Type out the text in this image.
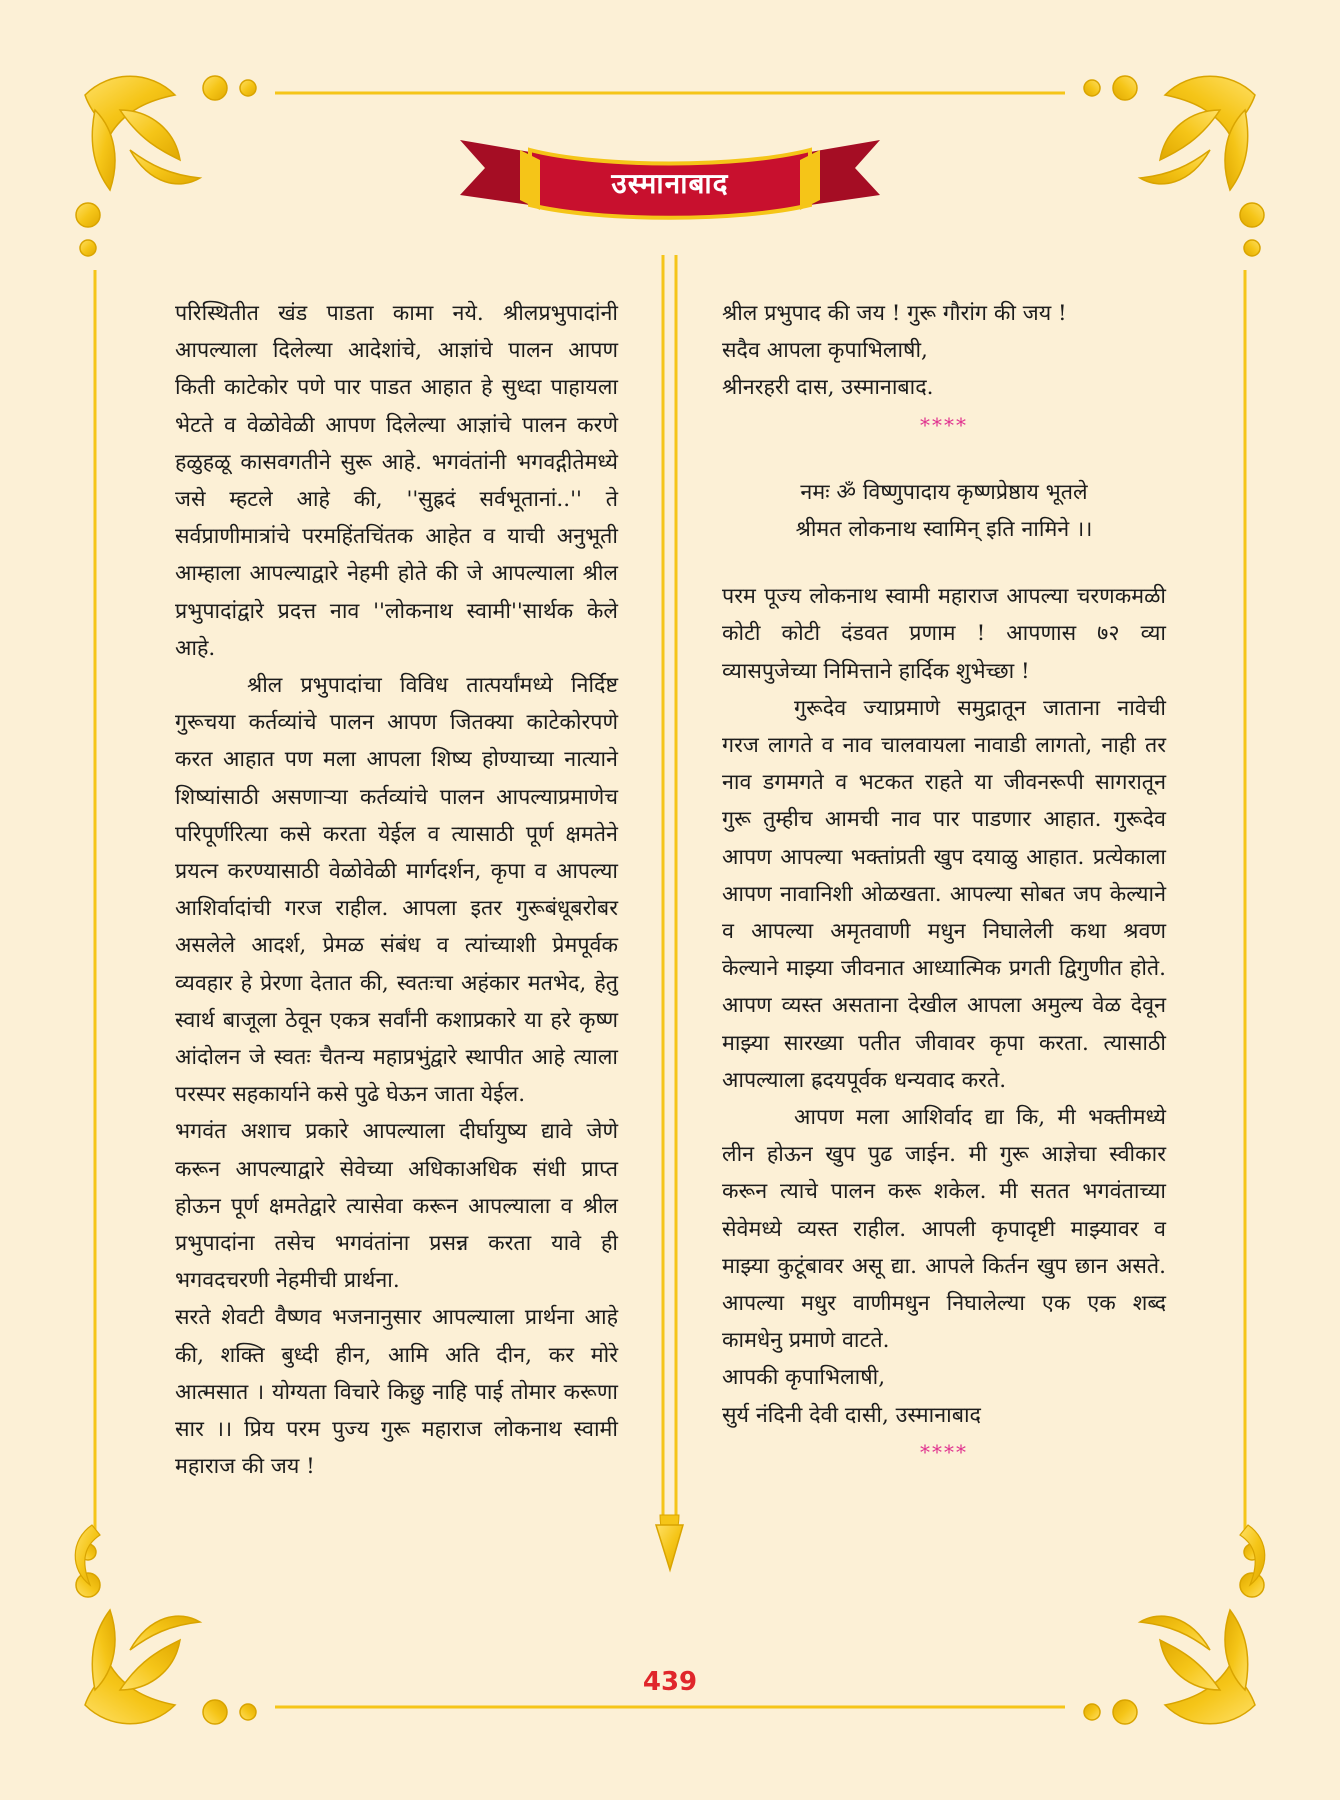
उस्मानाबाद

परिस्थितीत खंड पाडता कामा नये. श्रीलप्रभुपादांनी आपल्याला दिलेल्या आदेशांचे, आज्ञांचे पालन आपण किती काटेकोर पणे पार पाडत आहात हे सुध्दा पाहायला भेटते व वेळोवेळी आपण दिलेल्या आज्ञांचे पालन करणे हळुहळू कासवगतीने सुरू आहे. भगवंतांनी भगवद्गीतेमध्ये जसे म्हटले आहे की, ''सुह्रदं सर्वभूतानां..'' ते सर्वप्राणीमात्रांचे परमहिंतचिंतक आहेत व याची अनुभूती आम्हाला आपल्याद्वारे नेहमी होते की जे आपल्याला श्रील प्रभुपादांद्वारे प्रदत्त नाव ''लोकनाथ स्वामी''सार्थक केले आहे.

श्रील प्रभुपादांचा विविध तात्पर्यांमध्ये निर्दिष्ट गुरूचया कर्तव्यांचे पालन आपण जितक्या काटेकोरपणे करत आहात पण मला आपला शिष्य होण्याच्या नात्याने शिष्यांसाठी असणाऱ्या कर्तव्यांचे पालन आपल्याप्रमाणेच परिपूर्णरित्या कसे करता येईल व त्यासाठी पूर्ण क्षमतेने प्रयत्न करण्यासाठी वेळोवेळी मार्गदर्शन, कृपा व आपल्या आशिर्वादांची गरज राहील. आपला इतर गुरूबंधूबरोबर असलेले आदर्श, प्रेमळ संबंध व त्यांच्याशी प्रेमपूर्वक व्यवहार हे प्रेरणा देतात की, स्वतःचा अहंकार मतभेद, हेतु स्वार्थ बाजूला ठेवून एकत्र सर्वांनी कशाप्रकारे या हरे कृष्ण आंदोलन जे स्वतः चैतन्य महाप्रभुंद्वारे स्थापीत आहे त्याला परस्पर सहकार्याने कसे पुढे घेऊन जाता येईल.

भगवंत अशाच प्रकारे आपल्याला दीर्घायुष्य द्यावे जेणे करून आपल्याद्वारे सेवेच्या अधिकाअधिक संधी प्राप्त होऊन पूर्ण क्षमतेद्वारे त्यासेवा करून आपल्याला व श्रील प्रभुपादांना तसेच भगवंतांना प्रसन्न करता यावे ही भगवदचरणी नेहमीची प्रार्थना.

सरते शेवटी वैष्णव भजनानुसार आपल्याला प्रार्थना आहे की, शक्ति बुध्दी हीन, आमि अति दीन, कर मोरे आत्मसात । योग्यता विचारे किछु नाहि पाई तोमार करूणा सार ।। प्रिय परम पुज्य गुरू महाराज लोकनाथ स्वामी महाराज की जय !

श्रील प्रभुपाद की जय ! गुरू गौरांग की जय !

सदैव आपला कृपाभिलाषी,

श्रीनरहरी दास, उस्मानाबाद.

****

नमः ॐ विष्णुपादाय कृष्णप्रेष्ठाय भूतले

श्रीमत लोकनाथ स्वामिन् इति नामिने ।।

परम पूज्य लोकनाथ स्वामी महाराज आपल्या चरणकमळी कोटी कोटी दंडवत प्रणाम ! आपणास ७२ व्या व्यासपुजेच्या निमित्ताने हार्दिक शुभेच्छा !

गुरूदेव ज्याप्रमाणे समुद्रातून जाताना नावेची गरज लागते व नाव चालवायला नावाडी लागतो, नाही तर नाव डगमगते व भटकत राहते या जीवनरूपी सागरातून गुरू तुम्हीच आमची नाव पार पाडणार आहात. गुरूदेव आपण आपल्या भक्तांप्रती खुप दयाळु आहात. प्रत्येकाला आपण नावानिशी ओळखता. आपल्या सोबत जप केल्याने व आपल्या अमृतवाणी मधुन निघालेली कथा श्रवण केल्याने माझ्या जीवनात आध्यात्मिक प्रगती द्विगुणीत होते. आपण व्यस्त असताना देखील आपला अमुल्य वेळ देवून माझ्या सारख्या पतीत जीवावर कृपा करता. त्यासाठी आपल्याला ह्रदयपूर्वक धन्यवाद करते.

आपण मला आशिर्वाद द्या कि, मी भक्तीमध्ये लीन होऊन खुप पुढ जाईन. मी गुरू आज्ञेचा स्वीकार करून त्याचे पालन करू शकेल. मी सतत भगवंताच्या सेवेमध्ये व्यस्त राहील. आपली कृपादृष्टी माझ्यावर व माझ्या कुटूंबावर असू द्या. आपले किर्तन खुप छान असते. आपल्या मधुर वाणीमधुन निघालेल्या एक एक शब्द कामधेनु प्रमाणे वाटते.

आपकी कृपाभिलाषी,

सुर्य नंदिनी देवी दासी, उस्मानाबाद

****

439
